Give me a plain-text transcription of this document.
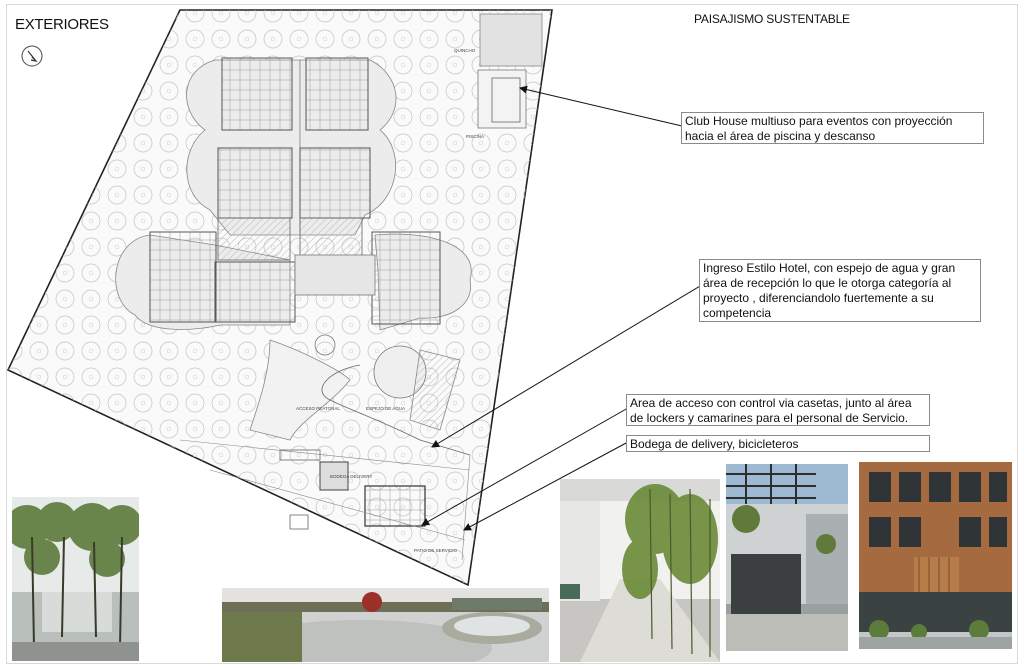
EXTERIORES	PAISAJISMO SUSTENTABLE
QUINCHO
PISCINA
ACCESO PEATONAL	ESPEJO DE AGUA
BODEGA DELIVERY
PATIO DE SERVICIO
Club House multiuso para eventos con proyección hacia el área de piscina y descanso
Ingreso Estilo Hotel, con espejo de agua y gran área de recepción lo que le otorga categoría al proyecto , diferenciandolo fuertemente a su competencia
Area de acceso con control via casetas, junto al área de lockers y camarines para el personal de Servicio.
Bodega de delivery, bicicleteros
